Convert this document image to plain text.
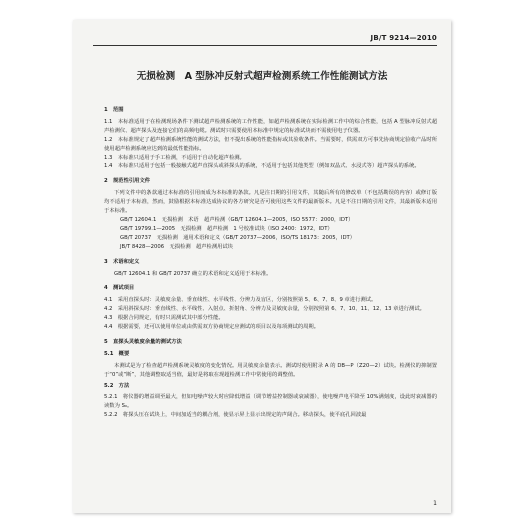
JB/T 9214—2010
无损检测　A 型脉冲反射式超声检测系统工作性能测试方法
1　范围

1.1　本标准适用于在检测现场条件下测试超声检测系统的工作性能，如超声检测系统在实际检测工作中的综合性能，包括 A 型脉冲反射式超声检测仪、超声探头及连接它们的高频电缆。测试时只需要使用本标准中规定的标准试块而不需使用电子仪器。

1.2　本标准规定了超声检测系统性能的测试方法，但不提出系统的性能指标或其验收条件。当需要时，供需双方可事先协商规定验收产品时所使用超声检测系统应达到的最低性能指标。

1.3　本标准只适用于手工检测，不适用于自动化超声检测。

1.4　本标准只适用于包括一般接触式超声直探头或斜探头的系统，不适用于包括其他类型（例如双晶式、水浸式等）超声探头的系统。

2　规范性引用文件

下列文件中的条款通过本标准的引用而成为本标准的条款。凡是注日期的引用文件，其随后所有的修改单（不包括勘误的内容）或修订版均不适用于本标准，然而，鼓励根据本标准达成协议的各方研究是否可使用这些文件的最新版本。凡是不注日期的引用文件，其最新版本适用于本标准。

GB/T 12604.1　无损检测　术语　超声检测（GB/T 12604.1—2005，ISO 5577：2000，IDT）

GB/T 19799.1—2005　无损检测　超声检测　1 号校准试块（ISO 2400：1972，IDT）

GB/T 20737　无损检测　通用术语和定义（GB/T 20737—2006，ISO/TS 18173：2005，IDT）

JB/T 8428—2006　无损检测　超声检测用试块

3　术语和定义

GB/T 12604.1 和 GB/T 20737 确立的术语和定义适用于本标准。

4　测试项目

4.1　采用直探头时：灵敏度余量、垂直线性、水平线性、分辨力及盲区，分别按照第 5、6、7、8、9 章进行测试。

4.2　采用斜探头时：垂直线性、水平线性、入射点、折射角、分辨力及灵敏度余量，分别按照第 6、7、10、11、12、13 章进行测试。

4.3　根据合同规定，有时只需测试其中部分性能。

4.4　根据需要，还可以使用单位或由供需双方协商规定应测试的项目以及每项测试的周期。

5　直探头灵敏度余量的测试方法
5.1　概要

本测试是为了检查超声检测系统灵敏度的变化情况。用灵敏度余量表示。测试时使用附录 A 的 DB—P（Z20—2）试块。检测仪的抑制置于“0”或“断”，其他调整取适当值，最好是将取在现超检测工作中常使用的调整值。

5.2　方法

5.2.1　将仪器的增益调至最大，但如电噪声较大时应降低增益（调节增益控制器或衰减器），使电噪声电平降至 10%满刻度，设此时衰减器的读数为 S₀。

5.2.2　将探头压在试块上，中间加适当的耦合剂，使显示屏上显示出规定的声阔合。移动探头，使平底孔回波最

1
